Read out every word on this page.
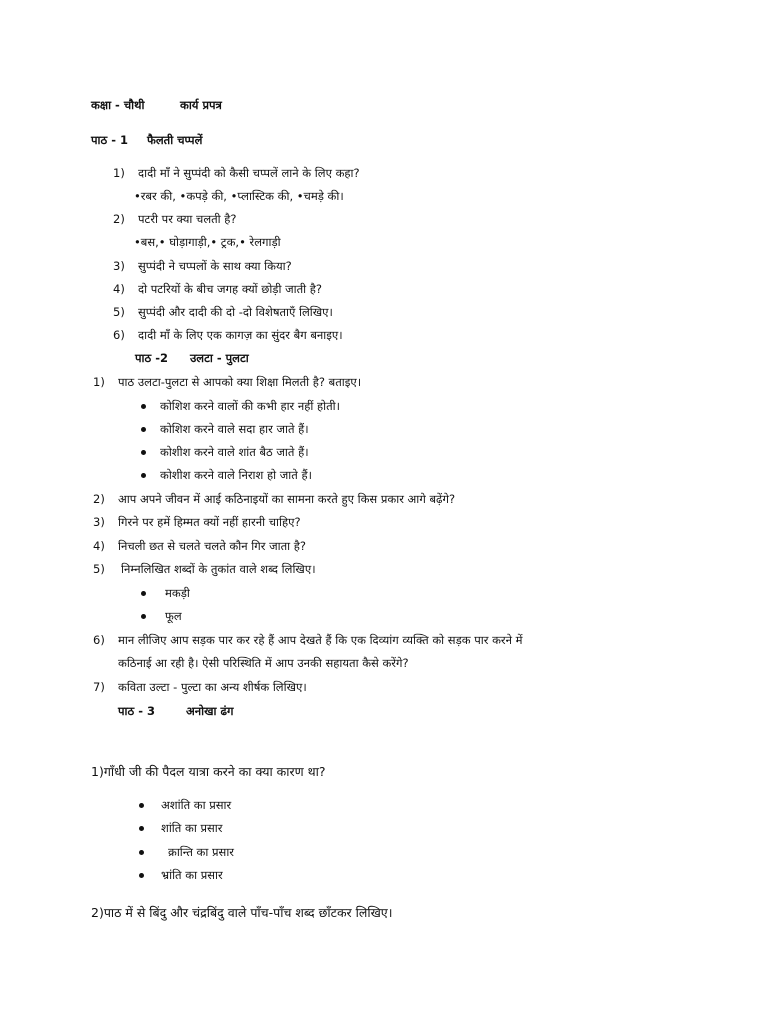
कक्षा - चौथी	कार्य प्रपत्र
पाठ - 1 फैलती चप्पलें
1) दादी माँ ने सुप्पंदी को कैसी चप्पलें लाने के लिए कहा?
•रबर की, •कपड़े की, •प्लास्टिक की, •चमड़े की।
2) पटरी पर क्या चलती है?
•बस,• घोड़ागाड़ी,• ट्रक,• रेलगाड़ी
3) सुप्पंदी ने चप्पलों के साथ क्या किया?
4) दो पटरियों के बीच जगह क्यों छोड़ी जाती है?
5) सुप्पंदी और दादी की दो -दो विशेषताएँ लिखिए।
6) दादी माँ के लिए एक कागज़ का सुंदर बैग बनाइए।
पाठ -2 उलटा - पुलटा
1) पाठ उलटा-पुलटा से आपको क्या शिक्षा मिलती है? बताइए।
कोशिश करने वालों की कभी हार नहीं होती।
कोशिश करने वाले सदा हार जाते हैं।
कोशीश करने वाले शांत बैठ जाते हैं।
कोशीश करने वाले निराश हो जाते हैं।
2) आप अपने जीवन में आई कठिनाइयों का सामना करते हुए किस प्रकार आगे बढ़ेंगे?
3) गिरने पर हमें हिम्मत क्यों नहीं हारनी चाहिए?
4) निचली छत से चलते चलते कौन गिर जाता है?
5) निम्नलिखित शब्दों के तुकांत वाले शब्द लिखिए।
मकड़ी
फूल
6) मान लीजिए आप सड़क पार कर रहे हैं आप देखते हैं कि एक दिव्यांग व्यक्ति को सड़क पार करने में
कठिनाई आ रही है। ऐसी परिस्थिति में आप उनकी सहायता कैसे करेंगे?
7) कविता उल्टा - पुल्टा का अन्य शीर्षक लिखिए।
पाठ - 3	अनोखा ढंग
1)गाँधी जी की पैदल यात्रा करने का क्या कारण था?
अशांति का प्रसार
शांति का प्रसार
क्रान्ति का प्रसार
भ्रांति का प्रसार
2)पाठ में से बिंदु और चंद्रबिंदु वाले पाँच-पाँच शब्द छाँटकर लिखिए।
